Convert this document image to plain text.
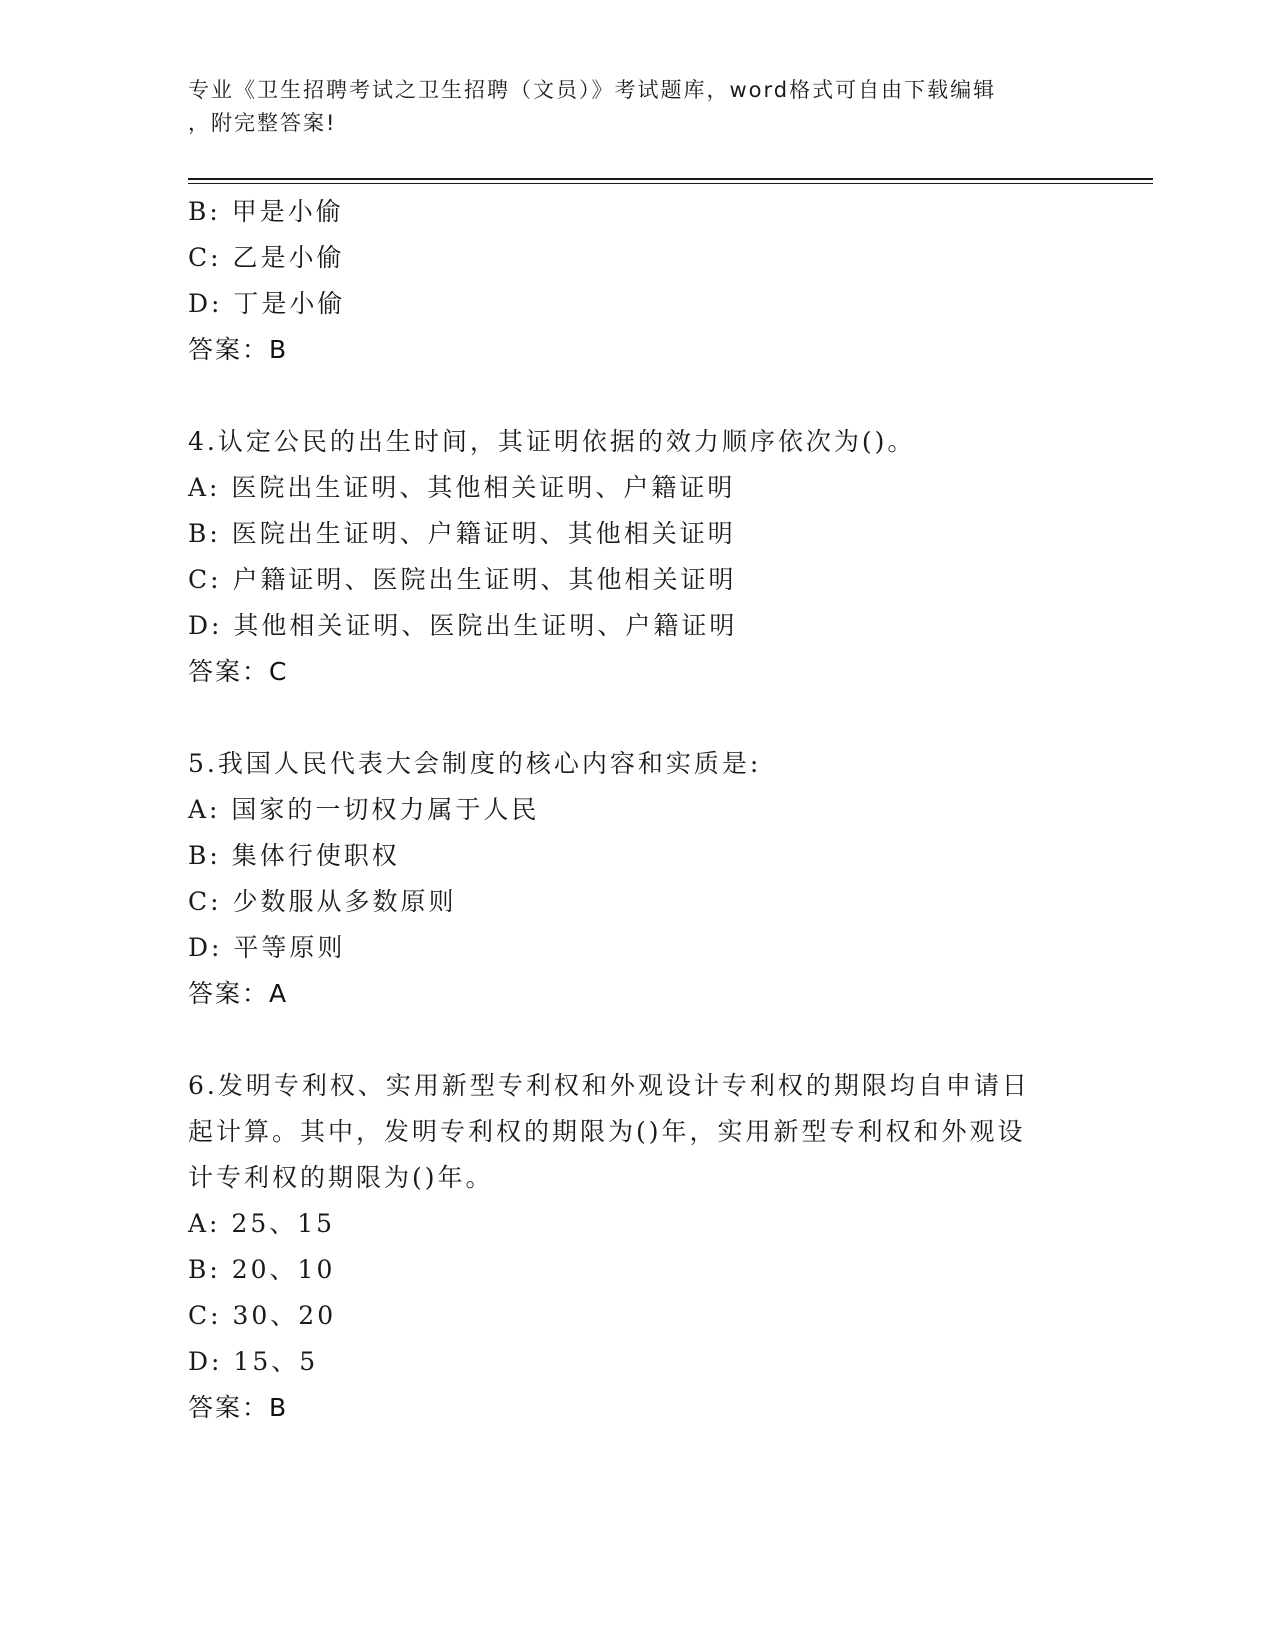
专业《卫生招聘考试之卫生招聘（文员）》考试题库，word格式可自由下载编辑
，附完整答案!
B: 甲是小偷
C: 乙是小偷
D: 丁是小偷
答案：B
4.认定公民的出生时间，其证明依据的效力顺序依次为()。
A: 医院出生证明、其他相关证明、户籍证明
B: 医院出生证明、户籍证明、其他相关证明
C: 户籍证明、医院出生证明、其他相关证明
D: 其他相关证明、医院出生证明、户籍证明
答案：C
5.我国人民代表大会制度的核心内容和实质是:
A: 国家的一切权力属于人民
B: 集体行使职权
C: 少数服从多数原则
D: 平等原则
答案：A
6.发明专利权、实用新型专利权和外观设计专利权的期限均自申请日
起计算。其中，发明专利权的期限为()年，实用新型专利权和外观设
计专利权的期限为()年。
A: 25、15
B: 20、10
C: 30、20
D: 15、5
答案：B
